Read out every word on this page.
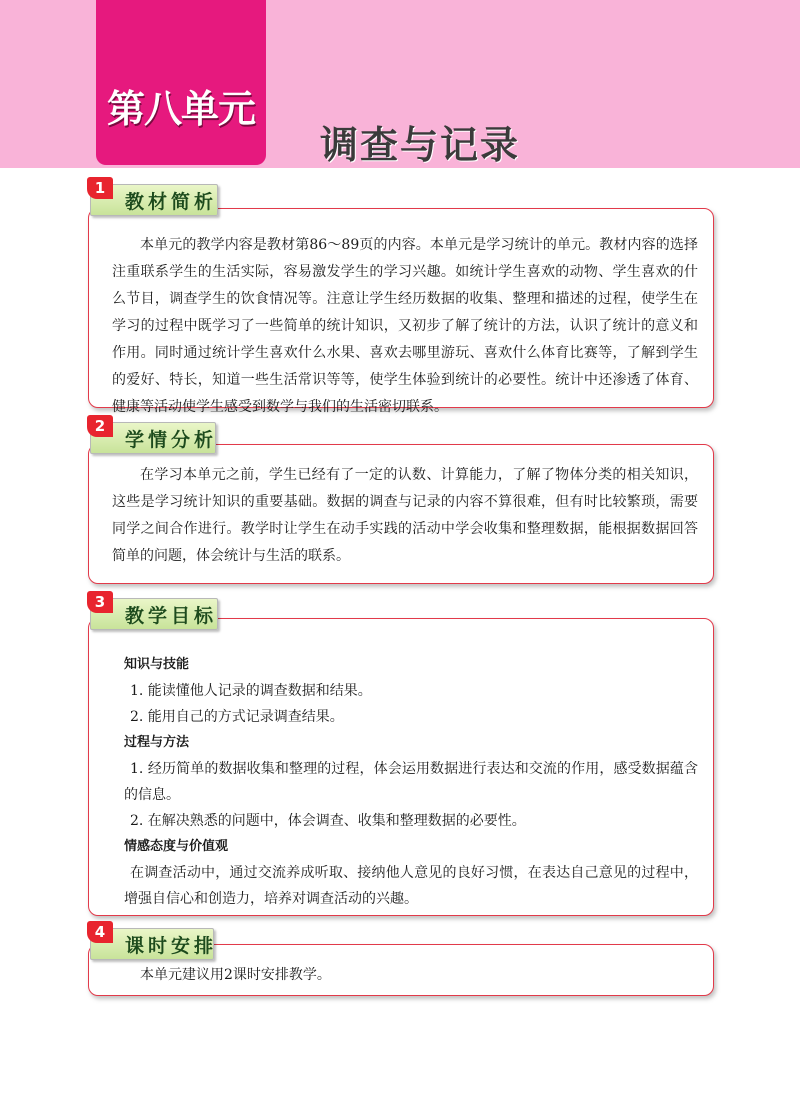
第八单元
调查与记录
1
教材简析
本单元的教学内容是教材第86～89页的内容。本单元是学习统计的单元。教材内容的选择注重联系学生的生活实际，容易激发学生的学习兴趣。如统计学生喜欢的动物、学生喜欢的什么节目，调查学生的饮食情况等。注意让学生经历数据的收集、整理和描述的过程，使学生在学习的过程中既学习了一些简单的统计知识，又初步了解了统计的方法，认识了统计的意义和作用。同时通过统计学生喜欢什么水果、喜欢去哪里游玩、喜欢什么体育比赛等，了解到学生的爱好、特长，知道一些生活常识等等，使学生体验到统计的必要性。统计中还渗透了体育、健康等活动使学生感受到数学与我们的生活密切联系。
2
学情分析
在学习本单元之前，学生已经有了一定的认数、计算能力，了解了物体分类的相关知识，这些是学习统计知识的重要基础。数据的调查与记录的内容不算很难，但有时比较繁琐，需要同学之间合作进行。教学时让学生在动手实践的活动中学会收集和整理数据，能根据数据回答简单的问题，体会统计与生活的联系。
3
教学目标
知识与技能
1. 能读懂他人记录的调查数据和结果。
2. 能用自己的方式记录调查结果。
过程与方法
1. 经历简单的数据收集和整理的过程，体会运用数据进行表达和交流的作用，感受数据蕴含的信息。
2. 在解决熟悉的问题中，体会调查、收集和整理数据的必要性。
情感态度与价值观
在调查活动中，通过交流养成听取、接纳他人意见的良好习惯，在表达自己意见的过程中，增强自信心和创造力，培养对调查活动的兴趣。
4
课时安排
本单元建议用2课时安排教学。
